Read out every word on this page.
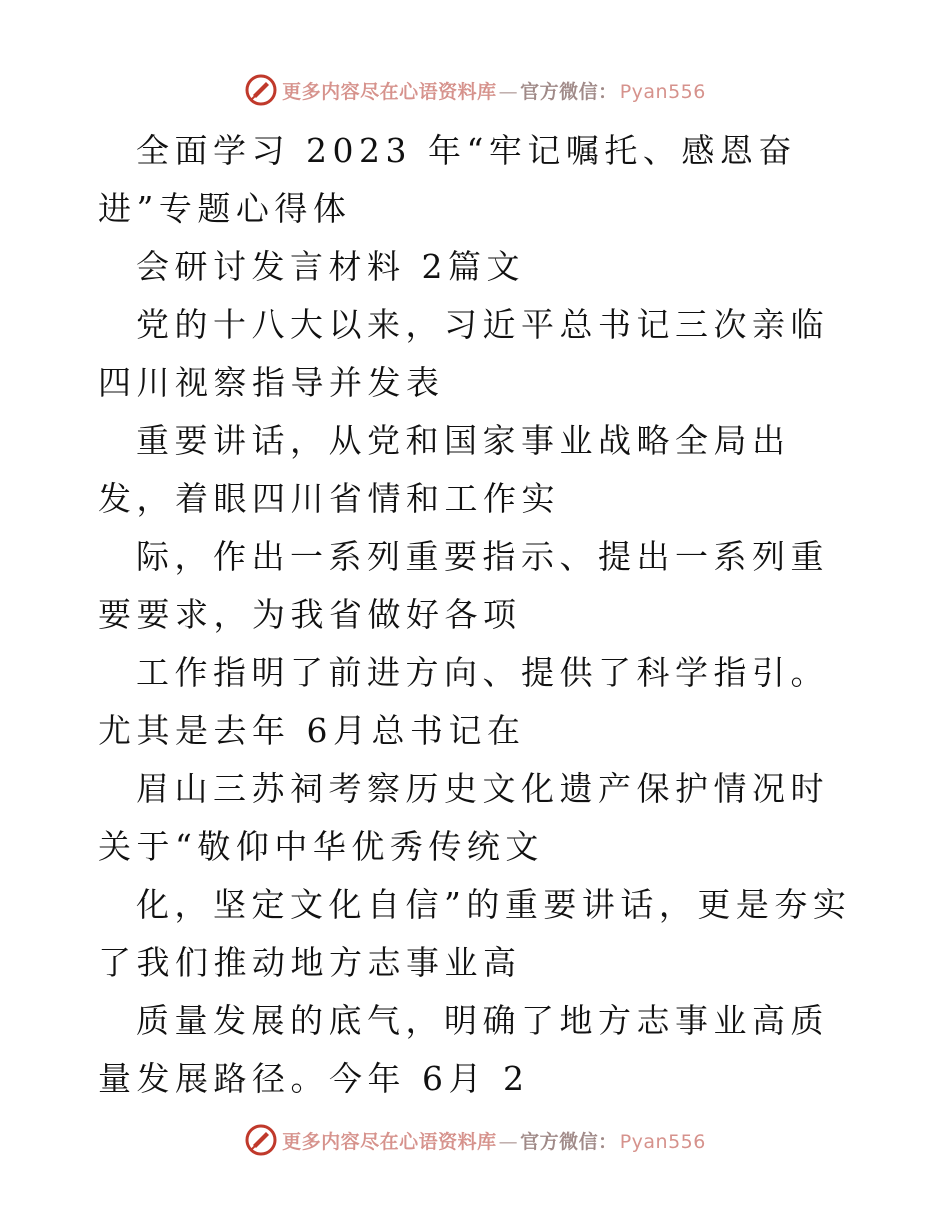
更多内容尽在心语资料库 — 官方微信： Pyan556

全面学习 2023 年“牢记嘱托、感恩奋进”专题心得体

会研讨发言材料 2篇文

党的十八大以来，习近平总书记三次亲临四川视察指导并发表

重要讲话，从党和国家事业战略全局出发，着眼四川省情和工作实

际，作出一系列重要指示、提出一系列重要要求，为我省做好各项

工作指明了前进方向、提供了科学指引。尤其是去年 6月总书记在

眉山三苏祠考察历史文化遗产保护情况时关于“敬仰中华优秀传统文

化，坚定文化自信”的重要讲话，更是夯实了我们推动地方志事业高

质量发展的底气，明确了地方志事业高质量发展路径。今年 6月 2

更多内容尽在心语资料库 — 官方微信： Pyan556
